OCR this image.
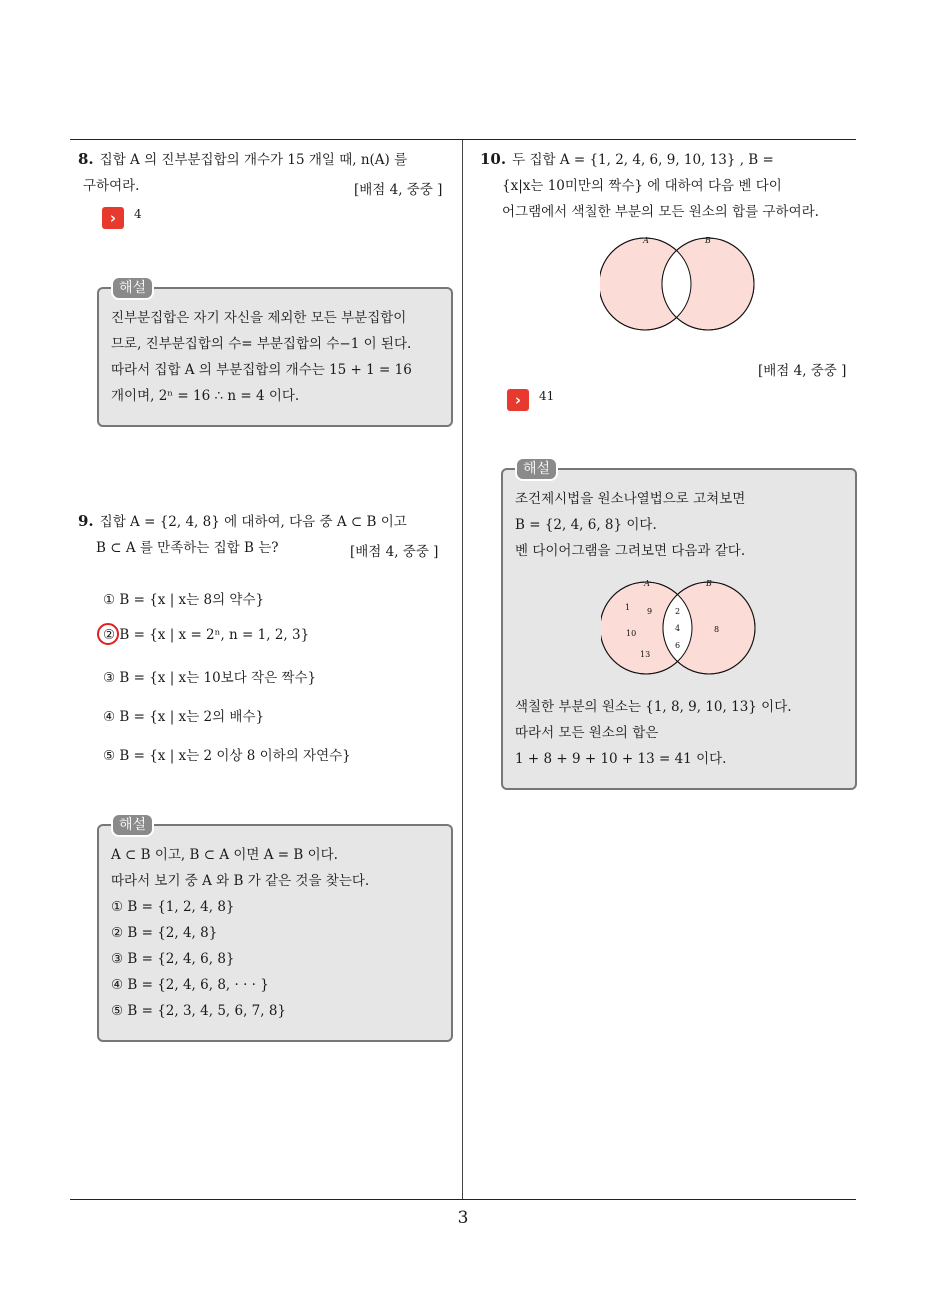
8. 집합 A 의 진부분집합의 개수가 15 개일 때, n(A) 를
구하여라.	[배점 4, 중중 ]
›	4
진부분집합은 자기 자신을 제외한 모든 부분집합이
므로, 진부분집합의 수= 부분집합의 수−1 이 된다.
따라서 집합 A 의 부분집합의 개수는 15 + 1 = 16
개이며, 2ⁿ = 16 ∴ n = 4 이다.
해설
9. 집합 A = {2, 4, 8} 에 대하여, 다음 중 A ⊂ B 이고
B ⊂ A 를 만족하는 집합 B 는?	[배점 4, 중중 ]
① B = {x | x는 8의 약수}
② B = {x | x = 2ⁿ, n = 1, 2, 3}
③ B = {x | x는 10보다 작은 짝수}
④ B = {x | x는 2의 배수}
⑤ B = {x | x는 2 이상 8 이하의 자연수}
A ⊂ B 이고, B ⊂ A 이면 A = B 이다.
따라서 보기 중 A 와 B 가 같은 것을 찾는다.
① B = {1, 2, 4, 8}
② B = {2, 4, 8}
③ B = {2, 4, 6, 8}
④ B = {2, 4, 6, 8, · · · }
⑤ B = {2, 3, 4, 5, 6, 7, 8}
해설
10. 두 집합 A = {1, 2, 4, 6, 9, 10, 13} , B =
{x|x는 10미만의 짝수} 에 대하여 다음 벤 다이
어그램에서 색칠한 부분의 모든 원소의 합를 구하여라.
A	B
[배점 4, 중중 ]
›	41
조건제시법을 원소나열법으로 고쳐보면
B = {2, 4, 6, 8} 이다.
벤 다이어그램을 그려보면 다음과 같다.
A	B
1 9
10
13
2
4
6
8
색칠한 부분의 원소는 {1, 8, 9, 10, 13} 이다.
따라서 모든 원소의 합은
1 + 8 + 9 + 10 + 13 = 41 이다.
해설
3
